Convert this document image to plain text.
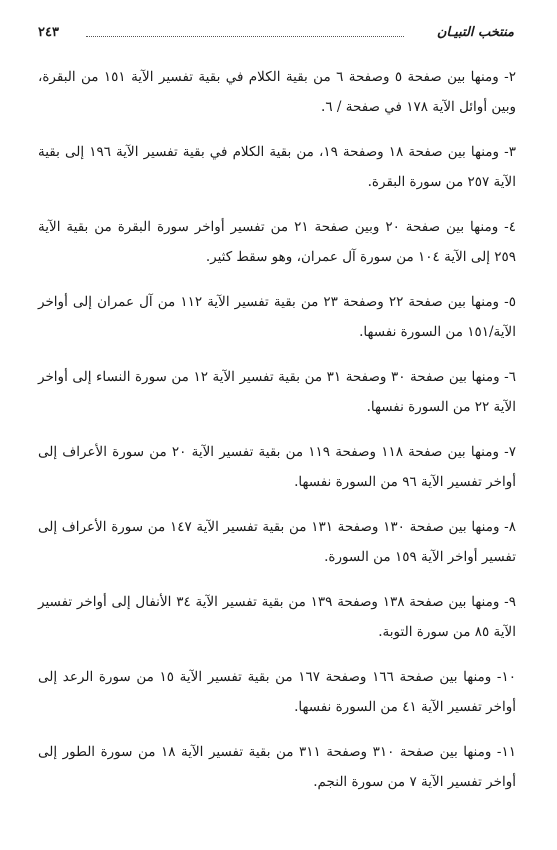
منتخب التبيـان
٢٤٣

٢- ومنها بين صفحة ٥ وصفحة ٦ من بقية الكلام في بقية تفسير الآية ١٥١ من البقرة، وبين أوائل الآية ١٧٨ في صفحة / ٦.

٣- ومنها بين صفحة ١٨ وصفحة ١٩، من بقية الكلام في بقية تفسير الآية ١٩٦ إلى بقية الآية ٢٥٧ من سورة البقرة.

٤- ومنها بين صفحة ٢٠ وبين صفحة ٢١ من تفسير أواخر سورة البقرة من بقية الآية ٢٥٩ إلى الآية ١٠٤ من سورة آل عمران، وهو سقط كثير.

٥- ومنها بين صفحة ٢٢ وصفحة ٢٣ من بقية تفسير الآية ١١٢ من آل عمران إلى أواخر الآية/١٥١ من السورة نفسها.

٦- ومنها بين صفحة ٣٠ وصفحة ٣١ من بقية تفسير الآية ١٢ من سورة النساء إلى أواخر الآية ٢٢ من السورة نفسها.

٧- ومنها بين صفحة ١١٨ وصفحة ١١٩ من بقية تفسير الآية ٢٠ من سورة الأعراف إلى أواخر تفسير الآية ٩٦ من السورة نفسها.

٨- ومنها بين صفحة ١٣٠ وصفحة ١٣١ من بقية تفسير الآية ١٤٧ من سورة الأعراف إلى تفسير أواخر الآية ١٥٩ من السورة.

٩- ومنها بين صفحة ١٣٨ وصفحة ١٣٩ من بقية تفسير الآية ٣٤ الأنفال إلى أواخر تفسير الآية ٨٥ من سورة التوبة.

١٠- ومنها بين صفحة ١٦٦ وصفحة ١٦٧ من بقية تفسير الآية ١٥ من سورة الرعد إلى أواخر تفسير الآية ٤١ من السورة نفسها.

١١- ومنها بين صفحة ٣١٠ وصفحة ٣١١ من بقية تفسير الآية ١٨ من سورة الطور إلى أواخر تفسير الآية ٧ من سورة النجم.
